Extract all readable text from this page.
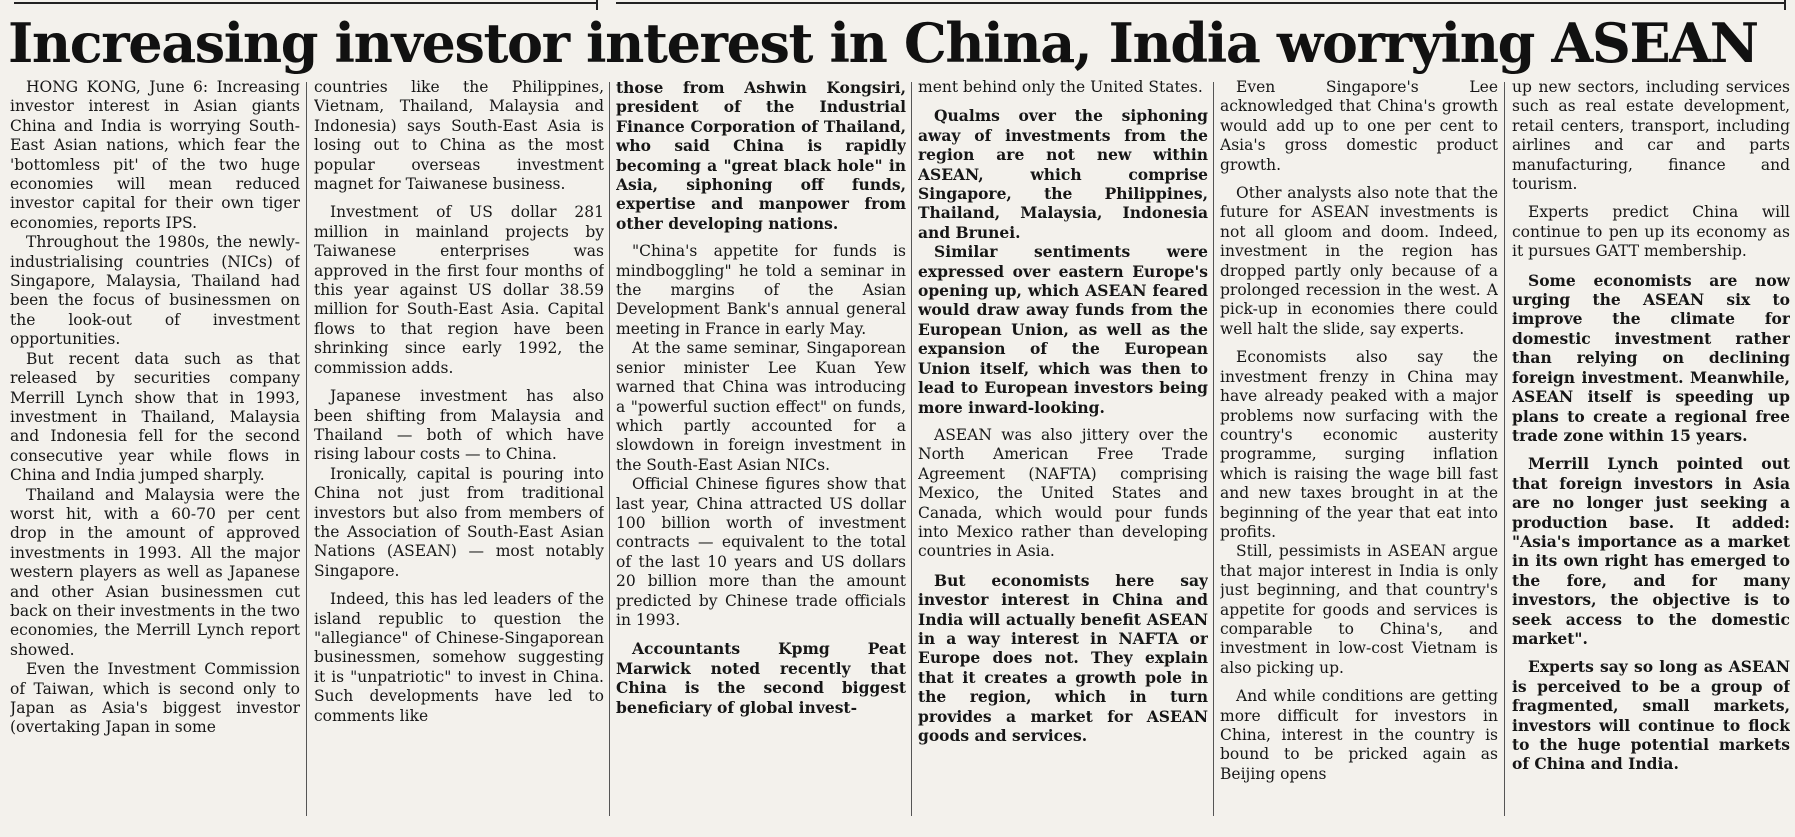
Increasing investor interest in China, India worrying ASEAN
HONG KONG, June 6: Increasing investor interest in Asian giants China and India is worrying South-East Asian nations, which fear the 'bottomless pit' of the two huge economies will mean reduced investor capital for their own tiger economies, reports IPS.
Throughout the 1980s, the newly-industrialising countries (NICs) of Singapore, Malaysia, Thailand had been the focus of businessmen on the look-out of investment opportunities.
But recent data such as that released by securities company Merrill Lynch show that in 1993, investment in Thailand, Malaysia and Indonesia fell for the second consecutive year while flows in China and India jumped sharply.
Thailand and Malaysia were the worst hit, with a 60-70 per cent drop in the amount of approved investments in 1993. All the major western players as well as Japanese and other Asian businessmen cut back on their investments in the two economies, the Merrill Lynch report showed.
Even the Investment Commission of Taiwan, which is second only to Japan as Asia's biggest investor (overtaking Japan in some
countries like the Philippines, Vietnam, Thailand, Malaysia and Indonesia) says South-East Asia is losing out to China as the most popular overseas investment magnet for Taiwanese business.
Investment of US dollar 281 million in mainland projects by Taiwanese enterprises was approved in the first four months of this year against US dollar 38.59 million for South-East Asia. Capital flows to that region have been shrinking since early 1992, the commission adds.
Japanese investment has also been shifting from Malaysia and Thailand — both of which have rising labour costs — to China.
Ironically, capital is pouring into China not just from traditional investors but also from members of the Association of South-East Asian Nations (ASEAN) — most notably Singapore.
Indeed, this has led leaders of the island republic to question the "allegiance" of Chinese-Singaporean businessmen, somehow suggesting it is "unpatriotic" to invest in China. Such developments have led to comments like
those from Ashwin Kongsiri, president of the Industrial Finance Corporation of Thailand, who said China is rapidly becoming a "great black hole" in Asia, siphoning off funds, expertise and manpower from other developing nations.
"China's appetite for funds is mindboggling" he told a seminar in the margins of the Asian Development Bank's annual general meeting in France in early May.
At the same seminar, Singaporean senior minister Lee Kuan Yew warned that China was introducing a "powerful suction effect" on funds, which partly accounted for a slowdown in foreign investment in the South-East Asian NICs.
Official Chinese figures show that last year, China attracted US dollar 100 billion worth of investment contracts — equivalent to the total of the last 10 years and US dollars 20 billion more than the amount predicted by Chinese trade officials in 1993.
Accountants Kpmg Peat Marwick noted recently that China is the second biggest beneficiary of global invest-
ment behind only the United States.
Qualms over the siphoning away of investments from the region are not new within ASEAN, which comprise Singapore, the Philippines, Thailand, Malaysia, Indonesia and Brunei.
Similar sentiments were expressed over eastern Europe's opening up, which ASEAN feared would draw away funds from the European Union, as well as the expansion of the European Union itself, which was then to lead to European investors being more inward-looking.
ASEAN was also jittery over the North American Free Trade Agreement (NAFTA) comprising Mexico, the United States and Canada, which would pour funds into Mexico rather than developing countries in Asia.
But economists here say investor interest in China and India will actually benefit ASEAN in a way interest in NAFTA or Europe does not. They explain that it creates a growth pole in the region, which in turn provides a market for ASEAN goods and services.
Even Singapore's Lee acknowledged that China's growth would add up to one per cent to Asia's gross domestic product growth.
Other analysts also note that the future for ASEAN investments is not all gloom and doom. Indeed, investment in the region has dropped partly only because of a prolonged recession in the west. A pick-up in economies there could well halt the slide, say experts.
Economists also say the investment frenzy in China may have already peaked with a major problems now surfacing with the country's economic austerity programme, surging inflation which is raising the wage bill fast and new taxes brought in at the beginning of the year that eat into profits.
Still, pessimists in ASEAN argue that major interest in India is only just beginning, and that country's appetite for goods and services is comparable to China's, and investment in low-cost Vietnam is also picking up.
And while conditions are getting more difficult for investors in China, interest in the country is bound to be pricked again as Beijing opens
up new sectors, including services such as real estate development, retail centers, transport, including airlines and car and parts manufacturing, finance and tourism.
Experts predict China will continue to pen up its economy as it pursues GATT membership.
Some economists are now urging the ASEAN six to improve the climate for domestic investment rather than relying on declining foreign investment. Meanwhile, ASEAN itself is speeding up plans to create a regional free trade zone within 15 years.
Merrill Lynch pointed out that foreign investors in Asia are no longer just seeking a production base. It added: "Asia's importance as a market in its own right has emerged to the fore, and for many investors, the objective is to seek access to the domestic market".
Experts say so long as ASEAN is perceived to be a group of fragmented, small markets, investors will continue to flock to the huge potential markets of China and India.
